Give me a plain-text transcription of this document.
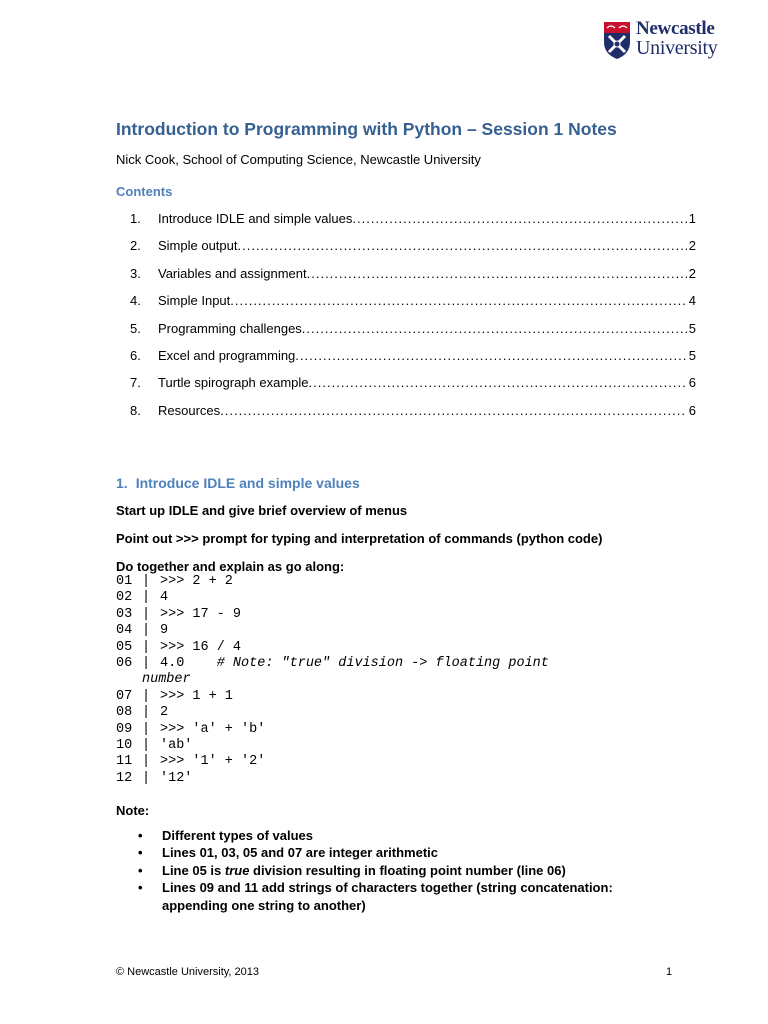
Newcastle
University
Introduction to Programming with Python – Session 1 Notes
Nick Cook, School of Computing Science, Newcastle University
Contents
1.	Introduce IDLE and simple values .....	1
2.	Simple output .....	2
3.	Variables and assignment .....	2
4.	Simple Input .....	4
5.	Programming challenges .....	5
6.	Excel and programming .....	5
7.	Turtle spirograph example .....	6
8.	Resources .....	6
1. Introduce IDLE and simple values
Start up IDLE and give brief overview of menus
Point out >>> prompt for typing and interpretation of commands (python code)
Do together and explain as go along:
01 | >>> 2 + 2
02 | 4
03 | >>> 17 - 9
04 | 9
05 | >>> 16 / 4
06 | 4.0 # Note: "true" division -> floating point
number
07 | >>> 1 + 1
08 | 2
09 | >>> 'a' + 'b'
10 | 'ab'
11 | >>> '1' + '2'
12 | '12'
Note:
• Different types of values
• Lines 01, 03, 05 and 07 are integer arithmetic
• Line 05 is true division resulting in floating point number (line 06)
• Lines 09 and 11 add strings of characters together (string concatenation: appending one string to another)
© Newcastle University, 2013	1
